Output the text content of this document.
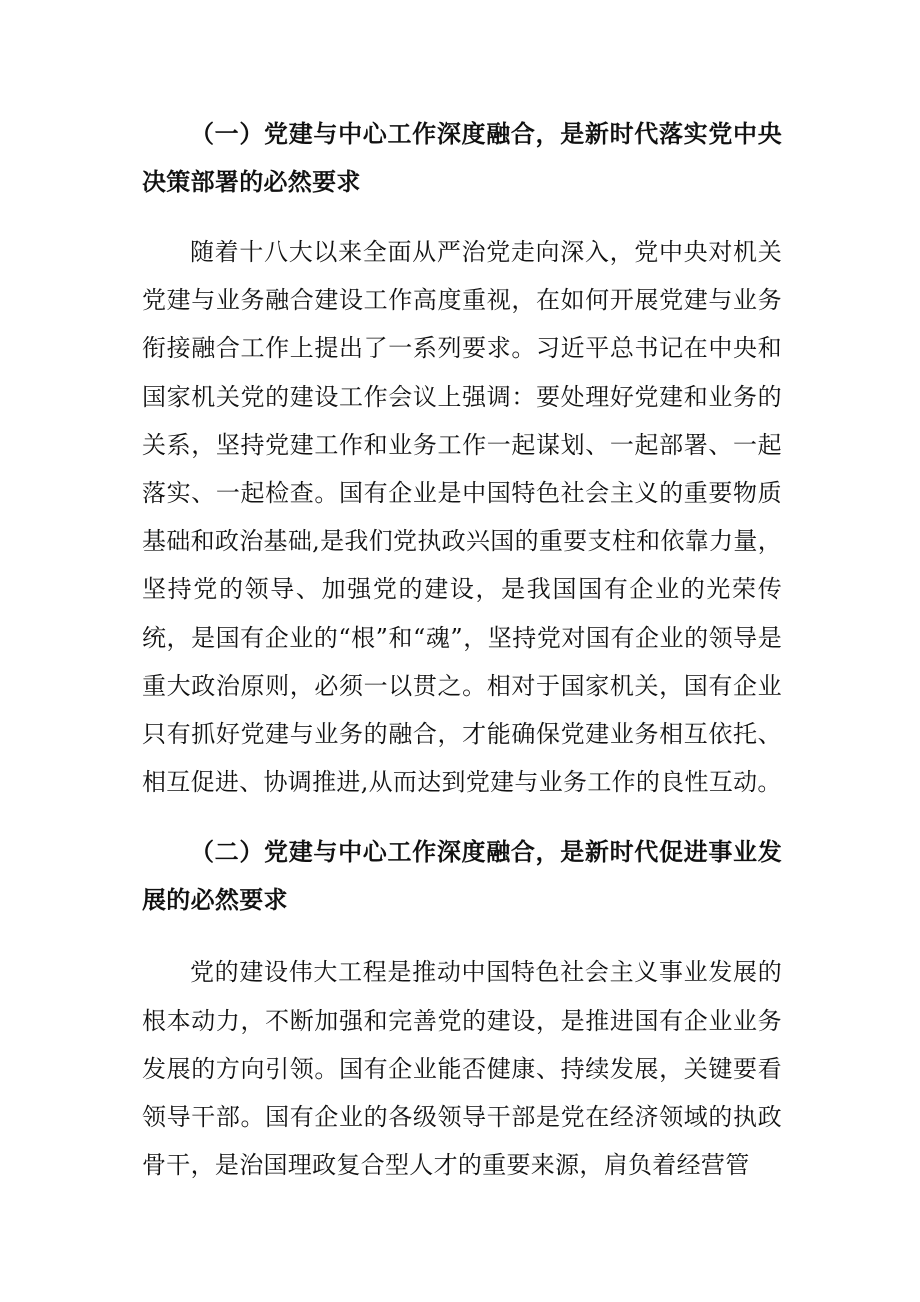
（一）党建与中心工作深度融合，是新时代落实党中央决策部署的必然要求

随着十八大以来全面从严治党走向深入，党中央对机关党建与业务融合建设工作高度重视，在如何开展党建与业务衔接融合工作上提出了一系列要求。习近平总书记在中央和国家机关党的建设工作会议上强调：要处理好党建和业务的关系，坚持党建工作和业务工作一起谋划、一起部署、一起落实、一起检查。国有企业是中国特色社会主义的重要物质基础和政治基础,是我们党执政兴国的重要支柱和依靠力量，坚持党的领导、加强党的建设，是我国国有企业的光荣传统，是国有企业的“根”和“魂”，坚持党对国有企业的领导是重大政治原则，必须一以贯之。相对于国家机关，国有企业只有抓好党建与业务的融合，才能确保党建业务相互依托、相互促进、协调推进,从而达到党建与业务工作的良性互动。

（二）党建与中心工作深度融合，是新时代促进事业发展的必然要求

党的建设伟大工程是推动中国特色社会主义事业发展的根本动力，不断加强和完善党的建设，是推进国有企业业务发展的方向引领。国有企业能否健康、持续发展，关键要看领导干部。国有企业的各级领导干部是党在经济领域的执政骨干，是治国理政复合型人才的重要来源，肩负着经营管
